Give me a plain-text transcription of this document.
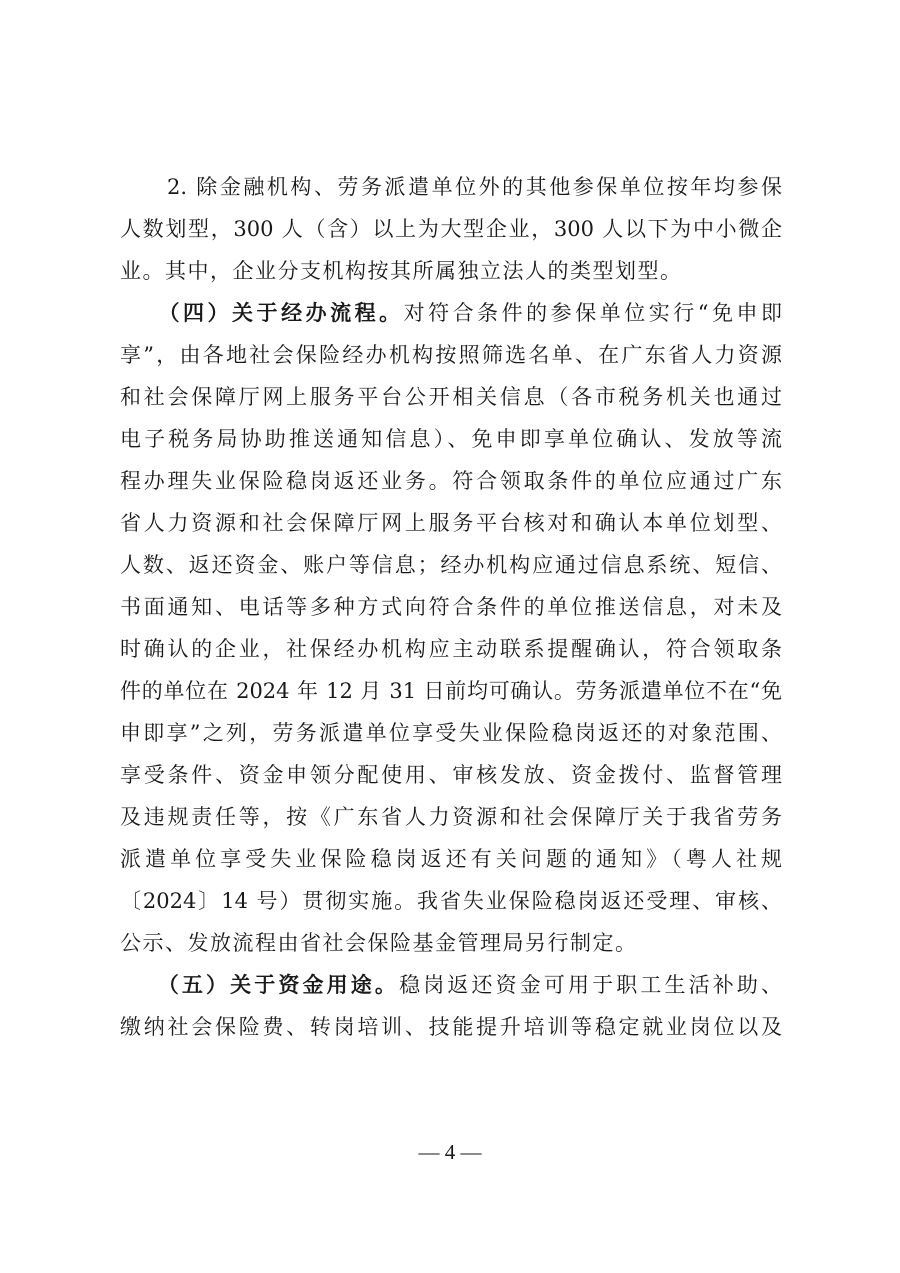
　　2. 除金融机构、劳务派遣单位外的其他参保单位按年均参保
人数划型，300 人（含）以上为大型企业，300 人以下为中小微企
业。其中，企业分支机构按其所属独立法人的类型划型。
　　（四）关于经办流程。对符合条件的参保单位实行“免申即
享”，由各地社会保险经办机构按照筛选名单、在广东省人力资源
和社会保障厅网上服务平台公开相关信息（各市税务机关也通过
电子税务局协助推送通知信息）、免申即享单位确认、发放等流
程办理失业保险稳岗返还业务。符合领取条件的单位应通过广东
省人力资源和社会保障厅网上服务平台核对和确认本单位划型、
人数、返还资金、账户等信息；经办机构应通过信息系统、短信、
书面通知、电话等多种方式向符合条件的单位推送信息，对未及
时确认的企业，社保经办机构应主动联系提醒确认，符合领取条
件的单位在 2024 年 12 月 31 日前均可确认。劳务派遣单位不在“免
申即享”之列，劳务派遣单位享受失业保险稳岗返还的对象范围、
享受条件、资金申领分配使用、审核发放、资金拨付、监督管理
及违规责任等，按《广东省人力资源和社会保障厅关于我省劳务
派遣单位享受失业保险稳岗返还有关问题的通知》（粤人社规
〔2024〕14 号）贯彻实施。我省失业保险稳岗返还受理、审核、
公示、发放流程由省社会保险基金管理局另行制定。
　　（五）关于资金用途。稳岗返还资金可用于职工生活补助、
缴纳社会保险费、转岗培训、技能提升培训等稳定就业岗位以及
— 4 —
